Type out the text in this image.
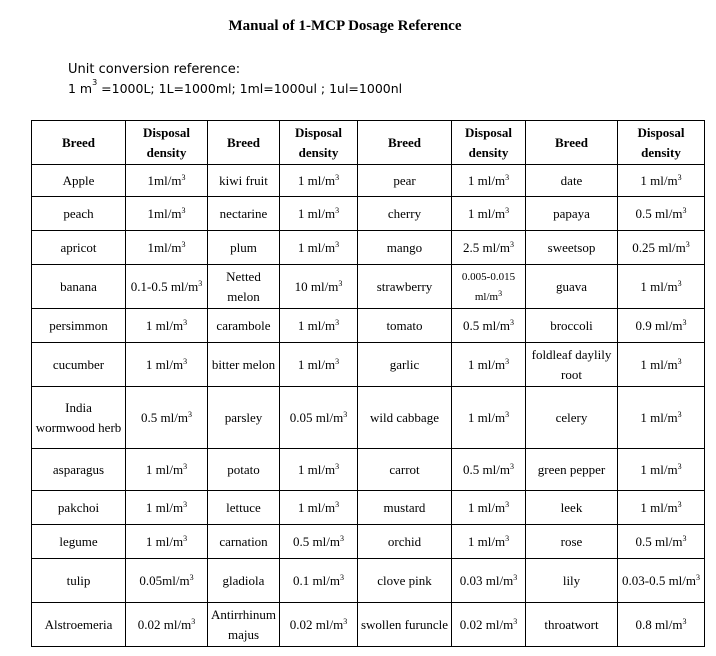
Manual of 1-MCP Dosage Reference
Unit conversion reference:
1 $m^3 =1000L$; 1L=1000ml; 1ml=1000ul ; 1ul=1000nl
Breed	Disposal density	Breed	Disposal density	Breed	Disposal density	Breed	Disposal density
Apple	$1ml/m^3$	kiwi fruit	1 $ml/m^3$	pear	1 $ml/m^3$	date	1 $ml/m^3$
peach	$1ml/m^3$	nectarine	1 $ml/m^3$	cherry	1 $ml/m^3$	papaya	0.5 $ml/m^3$
apricot	$1ml/m^3$	plum	1 $ml/m^3$	mango	2.5 $ml/m^3$	sweetsop	0.25 $ml/m^3$
banana	0.1-0.5 $ml/m^3$	Netted melon	10 $ml/m^3$	strawberry	0.005-0.015 $ml/m^3$	guava	1 $ml/m^3$
persimmon	1 $ml/m^3$	carambole	1 $ml/m^3$	tomato	0.5 $ml/m^3$	broccoli	0.9 $ml/m^3$
cucumber	1 $ml/m^3$	bitter melon	1 $ml/m^3$	garlic	1 $ml/m^3$	foldleaf daylily root	1 $ml/m^3$
India wormwood herb	0.5 $ml/m^3$	parsley	0.05 $ml/m^3$	wild cabbage	1 $ml/m^3$	celery	1 $ml/m^3$
asparagus	1 $ml/m^3$	potato	1 $ml/m^3$	carrot	0.5 $ml/m^3$	green pepper	1 $ml/m^3$
pakchoi	1 $ml/m^3$	lettuce	1 $ml/m^3$	mustard	1 $ml/m^3$	leek	1 $ml/m^3$
legume	1 $ml/m^3$	carnation	0.5 $ml/m^3$	orchid	1 $ml/m^3$	rose	0.5 $ml/m^3$
tulip	$0.05ml/m^3$	gladiola	0.1 $ml/m^3$	clove pink	0.03 $ml/m^3$	lily	0.03-0.5 $ml/m^3$
Alstroemeria	0.02 $ml/m^3$	Antirrhinum majus	0.02 $ml/m^3$	swollen furuncle	0.02 $ml/m^3$	throatwort	0.8 $ml/m^3$
